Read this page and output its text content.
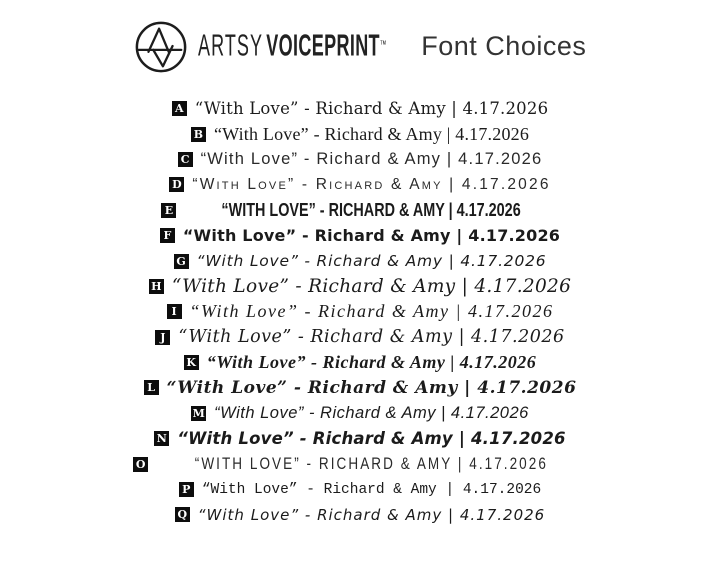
ARTSY VOICEPRINT™ Font Choices
A “With Love” - Richard & Amy | 4.17.2026
B “With Love” - Richard & Amy | 4.17.2026
C “With Love” - Richard & Amy | 4.17.2026
D “With Love” - Richard & Amy | 4.17.2026
E	“WITH LOVE” - RICHARD & AMY | 4.17.2026
F “With Love” - Richard & Amy | 4.17.2026
G “With Love” - Richard & Amy | 4.17.2026
H “With Love” - Richard & Amy | 4.17.2026
I “With Love” - Richard & Amy | 4.17.2026
J “With Love” - Richard & Amy | 4.17.2026
K “With Love” - Richard & Amy | 4.17.2026
L “With Love” - Richard & Amy | 4.17.2026
M “With Love” - Richard & Amy | 4.17.2026
N “With Love” - Richard & Amy | 4.17.2026
O	“WITH LOVE” - RICHARD & AMY | 4.17.2026
P “With Love” - Richard & Amy | 4.17.2026
Q “With Love” - Richard & Amy | 4.17.2026
